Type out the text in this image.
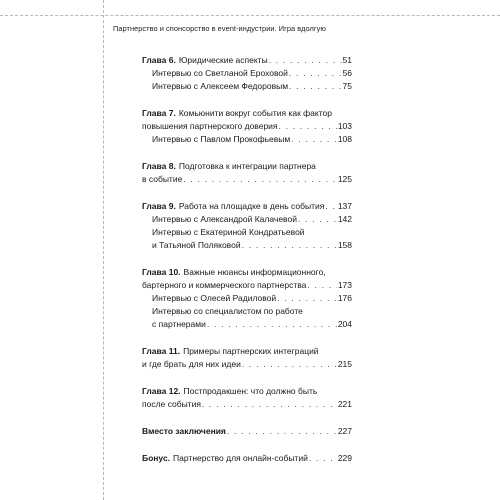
Партнерство и спонсорство в event-индустрии. Игра вдолгую
Глава 6. Юридические аспекты . . .	51
Интервью со Светланой Ероховой . . .	56
Интервью с Алексеем Федоровым . . .	75
Глава 7. Комьюнити вокруг события как фактор
повышения партнерского доверия . . .	103
Интервью с Павлом Прокофьевым . . .	108
Глава 8. Подготовка к интеграции партнера
в событие . . .	125
Глава 9. Работа на площадке в день события . . . 137
Интервью с Александрой Калачевой . . .	142
Интервью с Екатериной Кондратьевой
и Татьяной Поляковой . . .	158
Глава 10. Важные нюансы информационного,
бартерного и коммерческого партнерства . . .	173
Интервью с Олесей Радиловой . . .	176
Интервью со специалистом по работе
с партнерами . . .	204
Глава 11. Примеры партнерских интеграций
и где брать для них идеи . . .	215
Глава 12. Постпродакшен: что должно быть
после события . . .	221
Вместо заключения . . .	227
Бонус. Партнерство для онлайн-событий . . .	229
